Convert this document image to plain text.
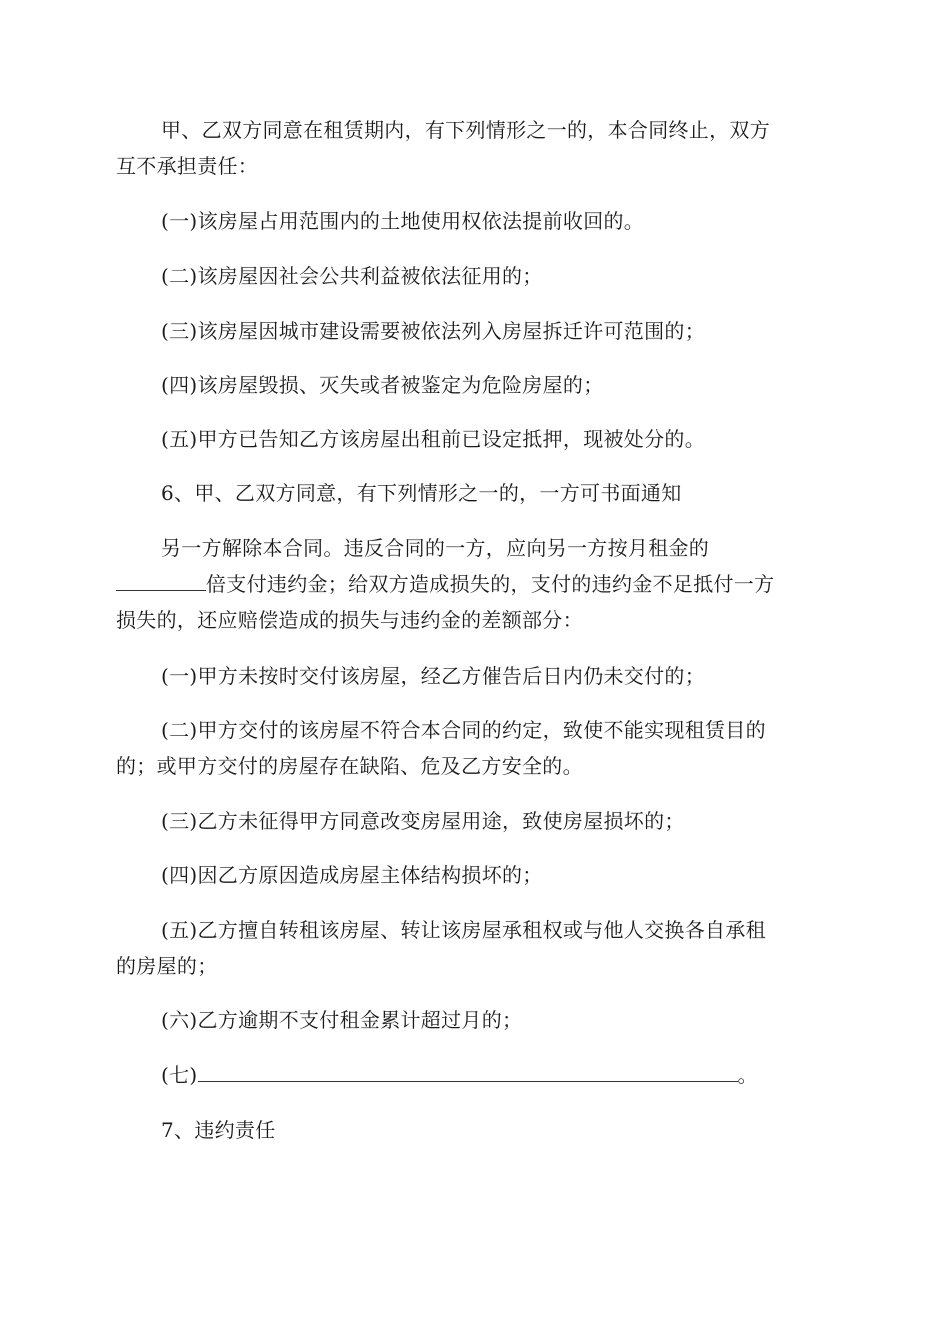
甲、乙双方同意在租赁期内，有下列情形之一的，本合同终止，双方
互不承担责任：
(一)该房屋占用范围内的土地使用权依法提前收回的。
(二)该房屋因社会公共利益被依法征用的；
(三)该房屋因城市建设需要被依法列入房屋拆迁许可范围的；
(四)该房屋毁损、灭失或者被鉴定为危险房屋的；
(五)甲方已告知乙方该房屋出租前已设定抵押，现被处分的。
6、甲、乙双方同意，有下列情形之一的，一方可书面通知
另一方解除本合同。违反合同的一方，应向另一方按月租金的
倍支付违约金；给双方造成损失的，支付的违约金不足抵付一方
损失的，还应赔偿造成的损失与违约金的差额部分：
(一)甲方未按时交付该房屋，经乙方催告后日内仍未交付的；
(二)甲方交付的该房屋不符合本合同的约定，致使不能实现租赁目的
的；或甲方交付的房屋存在缺陷、危及乙方安全的。
(三)乙方未征得甲方同意改变房屋用途，致使房屋损坏的；
(四)因乙方原因造成房屋主体结构损坏的；
(五)乙方擅自转租该房屋、转让该房屋承租权或与他人交换各自承租
的房屋的；
(六)乙方逾期不支付租金累计超过月的；
(七)	。
7、违约责任
